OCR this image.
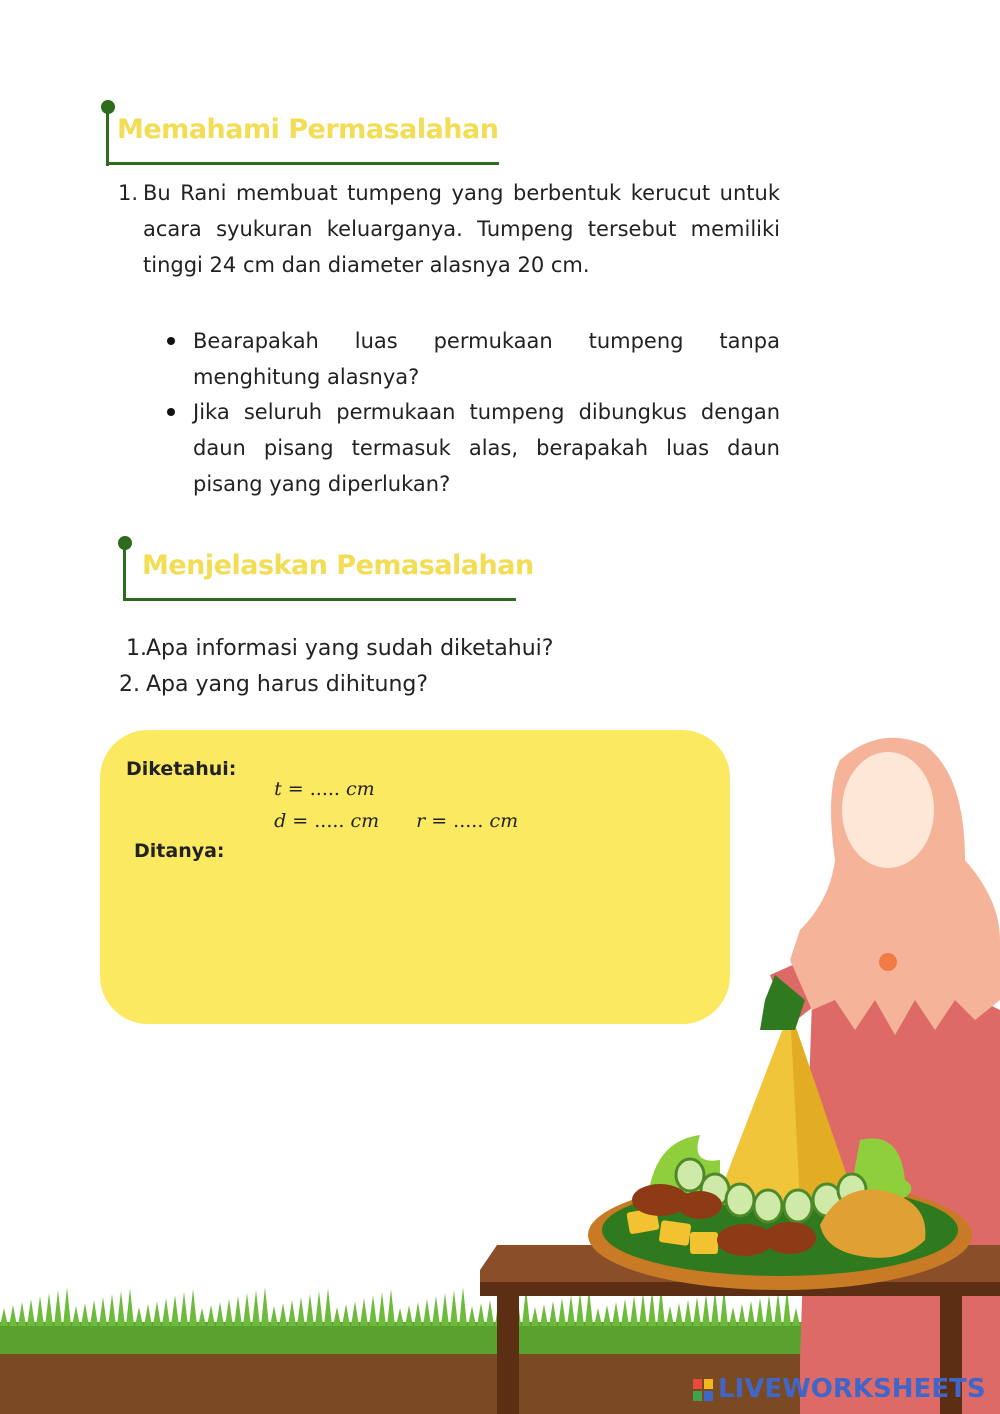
Memahami Permasalahan
1. Bu Rani membuat tumpeng yang berbentuk kerucut untuk acara syukuran keluarganya. Tumpeng tersebut memiliki tinggi 24 cm dan diameter alasnya 20 cm.
Bearapakah luas permukaan tumpeng tanpa menghitung alasnya?
Jika seluruh permukaan tumpeng dibungkus dengan daun pisang termasuk alas, berapakah luas daun pisang yang diperlukan?
Menjelaskan Pemasalahan
1. Apa informasi yang sudah diketahui?
2. Apa yang harus dihitung?
Diketahui:

t = ..... cm

d = ..... cm	r = ..... cm

Ditanya:
LIVEWORKSHEETS
